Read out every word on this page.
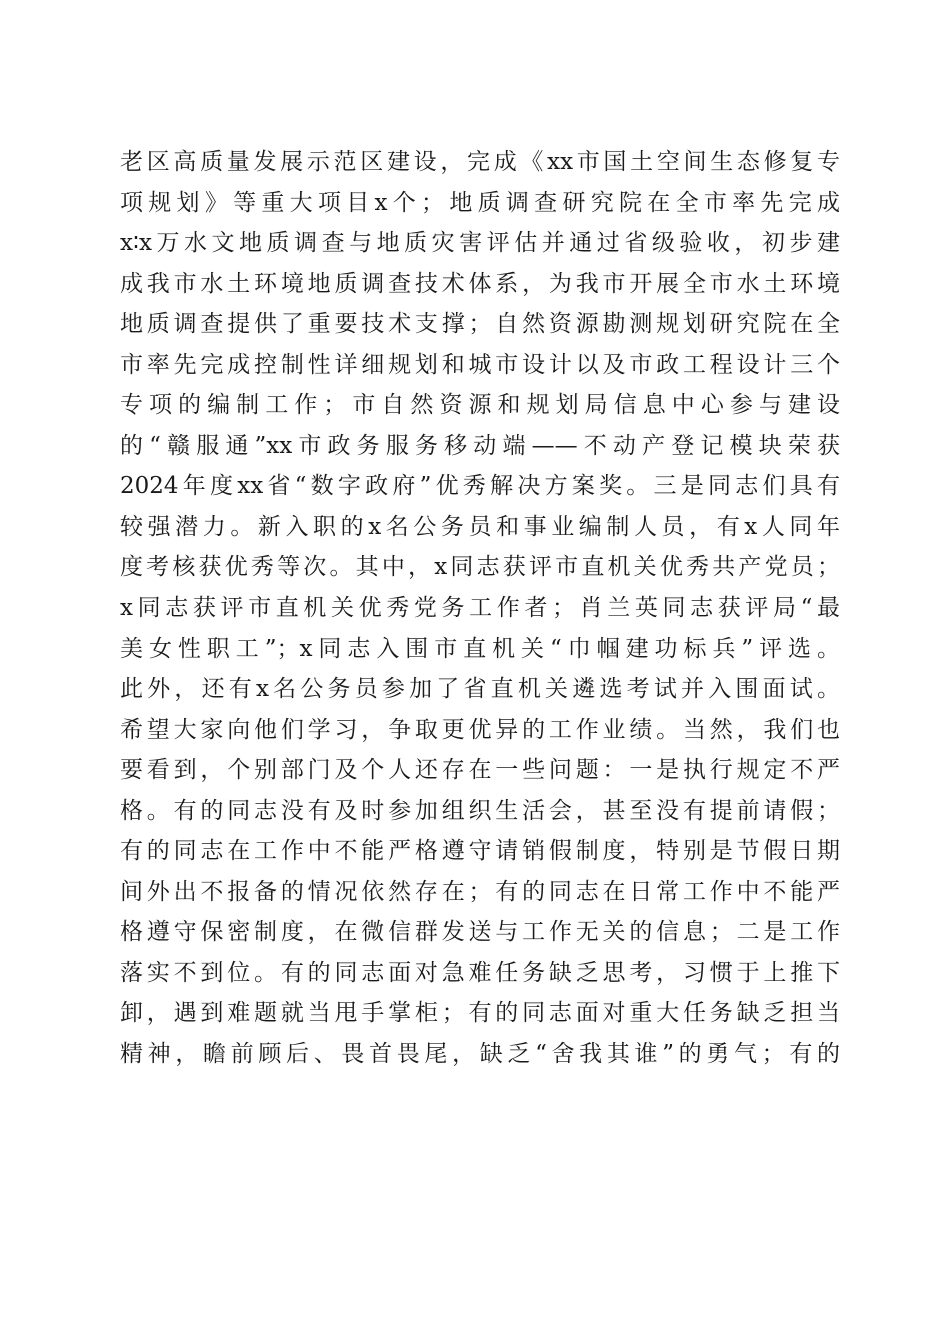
老区高质量发展示范区建设，完成《xx市国土空间生态修复专
项规划》等重大项目x个；地质调查研究院在全市率先完成
x∶x万水文地质调查与地质灾害评估并通过省级验收，初步建
成我市水土环境地质调查技术体系，为我市开展全市水土环境
地质调查提供了重要技术支撑；自然资源勘测规划研究院在全
市率先完成控制性详细规划和城市设计以及市政工程设计三个
专项的编制工作；市自然资源和规划局信息中心参与建设
的“赣服通”xx市政务服务移动端——不动产登记模块荣获
2024年度xx省“数字政府”优秀解决方案奖。三是同志们具有
较强潜力。新入职的x名公务员和事业编制人员，有x人同年
度考核获优秀等次。其中，x同志获评市直机关优秀共产党员；
x同志获评市直机关优秀党务工作者；肖兰英同志获评局“最
美女性职工”；x同志入围市直机关“巾帼建功标兵”评选。
此外，还有x名公务员参加了省直机关遴选考试并入围面试。
希望大家向他们学习，争取更优异的工作业绩。当然，我们也
要看到，个别部门及个人还存在一些问题：一是执行规定不严
格。有的同志没有及时参加组织生活会，甚至没有提前请假；
有的同志在工作中不能严格遵守请销假制度，特别是节假日期
间外出不报备的情况依然存在；有的同志在日常工作中不能严
格遵守保密制度，在微信群发送与工作无关的信息；二是工作
落实不到位。有的同志面对急难任务缺乏思考，习惯于上推下
卸，遇到难题就当甩手掌柜；有的同志面对重大任务缺乏担当
精神，瞻前顾后、畏首畏尾，缺乏“舍我其谁”的勇气；有的
